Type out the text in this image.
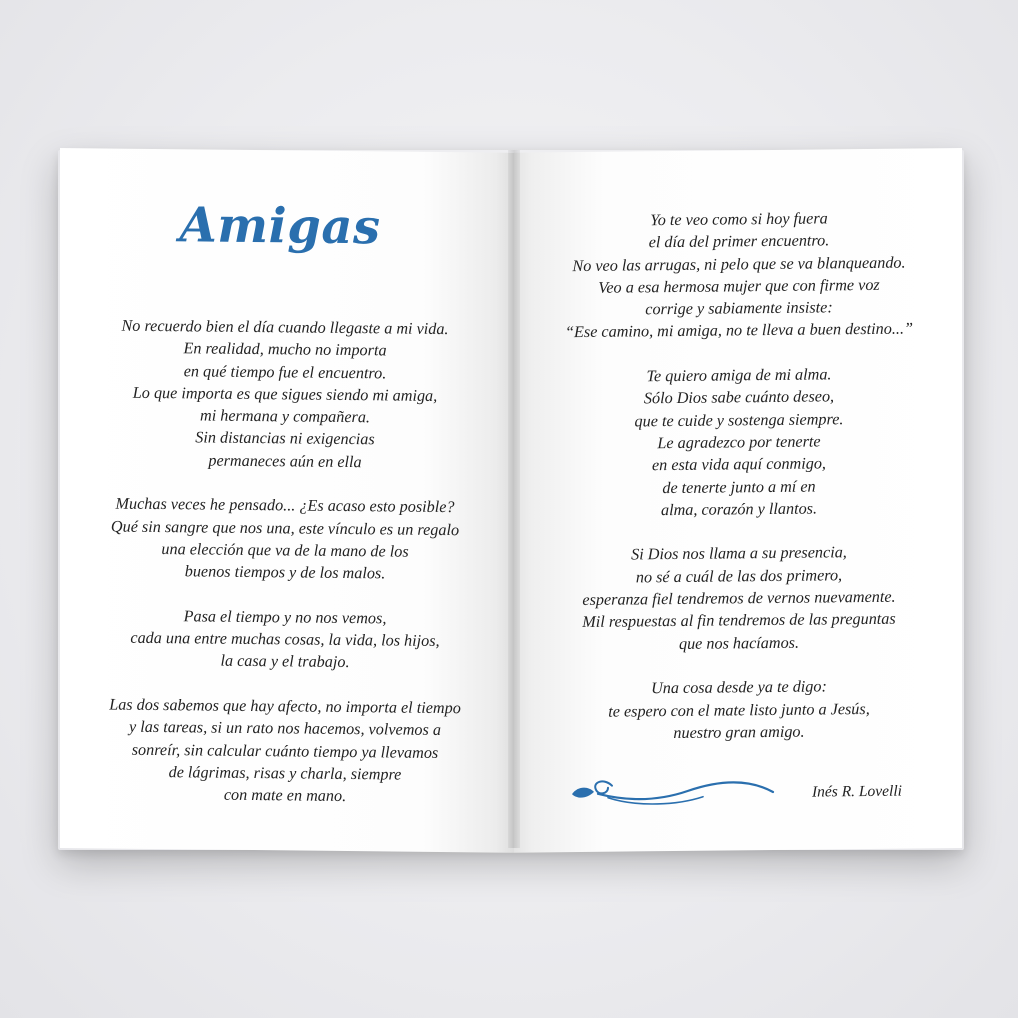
Amigas

No recuerdo bien el día cuando llegaste a mi vida.
En realidad, mucho no importa
en qué tiempo fue el encuentro.
Lo que importa es que sigues siendo mi amiga,
mi hermana y compañera.
Sin distancias ni exigencias
permaneces aún en ella

Muchas veces he pensado... ¿Es acaso esto posible?
Qué sin sangre que nos una, este vínculo es un regalo
una elección que va de la mano de los
buenos tiempos y de los malos.

Pasa el tiempo y no nos vemos,
cada una entre muchas cosas, la vida, los hijos,
la casa y el trabajo.

Las dos sabemos que hay afecto, no importa el tiempo
y las tareas, si un rato nos hacemos, volvemos a
sonreír, sin calcular cuánto tiempo ya llevamos
de lágrimas, risas y charla, siempre
con mate en mano.

Yo te veo como si hoy fuera
el día del primer encuentro.
No veo las arrugas, ni pelo que se va blanqueando.
Veo a esa hermosa mujer que con firme voz
corrige y sabiamente insiste:
“Ese camino, mi amiga, no te lleva a buen destino...”

Te quiero amiga de mi alma.
Sólo Dios sabe cuánto deseo,
que te cuide y sostenga siempre.
Le agradezco por tenerte
en esta vida aquí conmigo,
de tenerte junto a mí en
alma, corazón y llantos.

Si Dios nos llama a su presencia,
no sé a cuál de las dos primero,
esperanza fiel tendremos de vernos nuevamente.
Mil respuestas al fin tendremos de las preguntas
que nos hacíamos.

Una cosa desde ya te digo:
te espero con el mate listo junto a Jesús,
nuestro gran amigo.

Inés R. Lovelli
